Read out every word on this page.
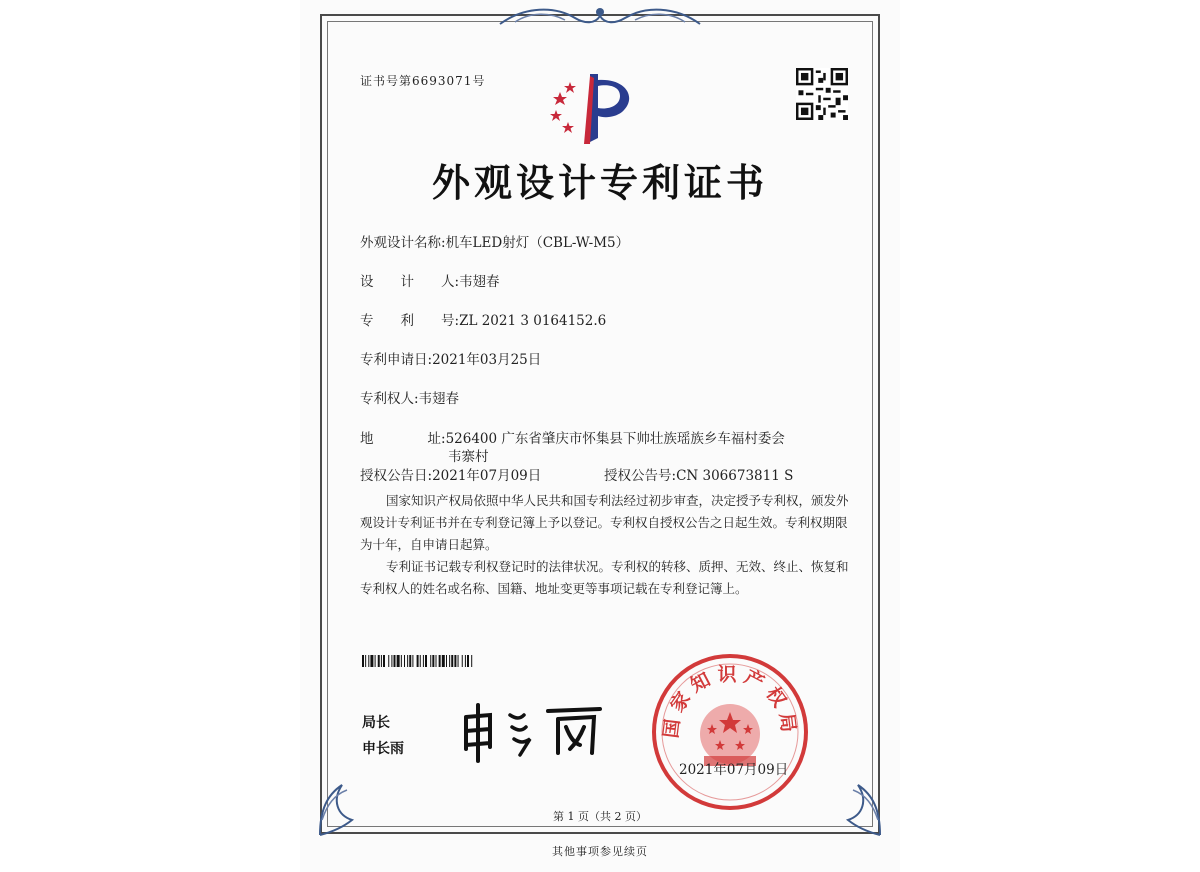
证书号第6693071号
外观设计专利证书
外观设计名称:机车LED射灯（CBL-W-M5）
设　　计　　人:韦翅春
专　　利　　号:ZL 2021 3 0164152.6
专利申请日:2021年03月25日
专利权人:韦翅春
地　　　　址:526400 广东省肇庆市怀集县下帅壮族瑶族乡车福村委会
韦寨村
授权公告日:2021年07月09日	授权公告号:CN 306673811 S
国家知识产权局依照中华人民共和国专利法经过初步审查，决定授予专利权，颁发外观设计专利证书并在专利登记簿上予以登记。专利权自授权公告之日起生效。专利权期限为十年，自申请日起算。
专利证书记载专利权登记时的法律状况。专利权的转移、质押、无效、终止、恢复和专利权人的姓名或名称、国籍、地址变更等事项记载在专利登记簿上。
局长
申长雨
国家知识产权局
2021年07月09日
第 1 页（共 2 页）
其他事项参见续页
